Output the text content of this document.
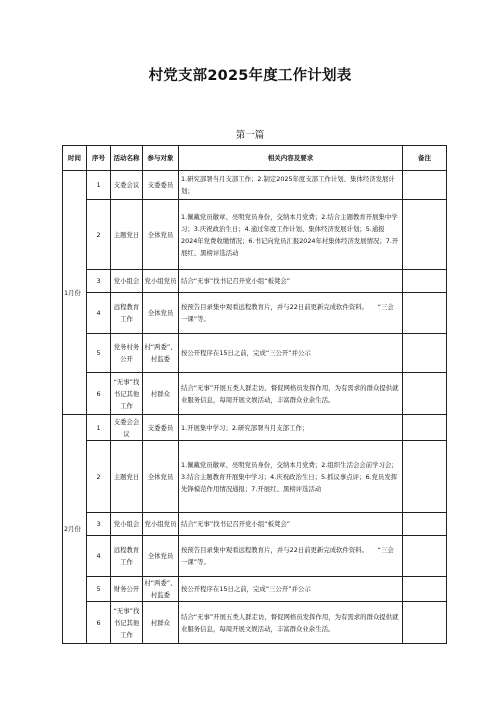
村党支部2025年度工作计划表
第一篇
时间	序号	活动名称	参与对象	相关内容及要求	备注
1月份	1	支委会议	支委委员	1.研究部署当月支部工作；2.制定2025年度支部工作计划、集体经济发展计划；	
	2	主题党日	全体党员	1.佩戴党员徽章、亮明党员身份，交纳本月党费；2.结合主题教育开展集中学习；3.庆祝政治生日；4.通过年度工作计划、集体经济发展计划；5.通报2024年党费收缴情况；6.书记向党员汇报2024年村集体经济发展情况；7.开展红、黑榜评选活动	
	3	党小组会	党小组党员	结合“无事”找书记召开党小组“板凳会”	
	4	远程教育工作	全体党员	按预告目录集中观看远程教育片，并与22日前更新完成软件资料。　　“三会一课”等。	
	5	党务村务公开	村“两委”、村监委	按公开程序在15日之前，完成“三公开”并公示	
	6	“无事”找书记其他工作	村群众	结合“无事”开展五类人群走访、督促网格员发挥作用，为有需求的群众提供就业服务信息，每周开展文娱活动，丰富群众业余生活。	
2月份	1	支委会会议	支委委员	1.开展集中学习；2.研究部署当月支部工作；	
	2	主题党日	全体党员	1.佩戴党员徽章、亮明党员身份，交纳本月党费；2.组织生活会会前学习会；3.结合主题教育开展集中学习；4.庆祝政治生日；5.抓议事点评；6.党员发挥先锋模范作用情况通报；7.开展红、黑榜评选活动	
	3	党小组会	党小组党员	结合“无事”找书记召开党小组“板凳会”	
	4	远程教育工作	全体党员	按预告目录集中观看远程教育片，并与22日前更新完成软件资料。　　“三会一课”等。	
	5	财务公开	村“两委”、村监委	按公开程序在15日之前，完成“三公开”并公示	
	6	“无事”找书记其他工作	村群众	结合“无事”开展五类人群走访、督促网格员发挥作用，为有需求的群众提供就业服务信息，每周开展文娱活动，丰富群众业余生活。	
